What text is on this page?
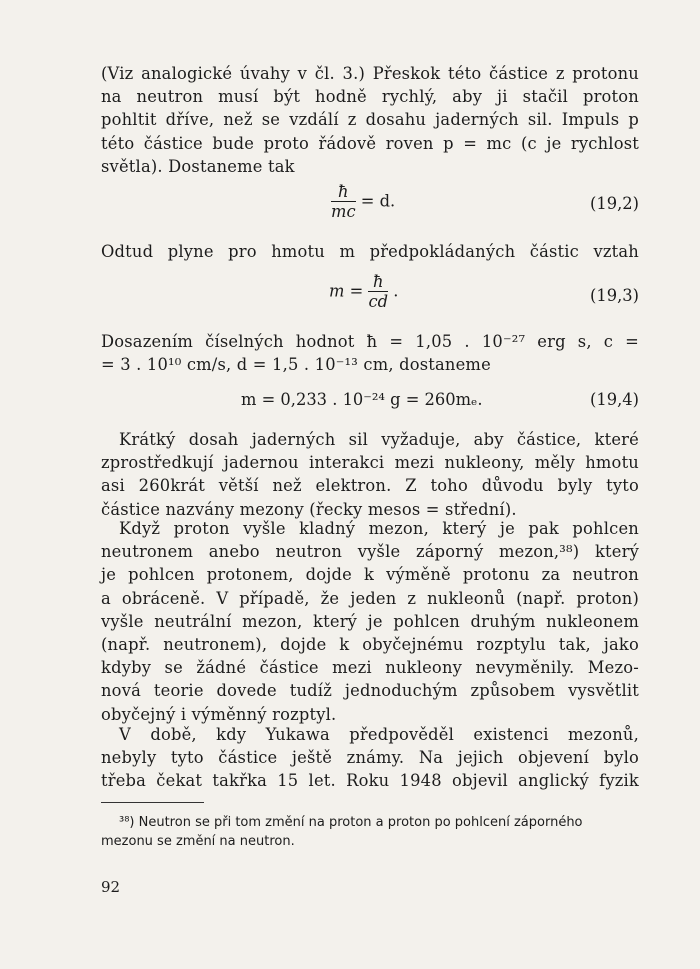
(Viz analogické úvahy v čl. 3.) Přeskok této částice z protonu
na neutron musí být hodně rychlý, aby ji stačil proton
pohltit dříve, než se vzdálí z dosahu jaderných sil. Impuls p
této částice bude proto řádově roven p = mc (c je rychlost
světla). Dostaneme tak
$\frac{ħ}{mc} = d$.	(19,2)
Odtud plyne pro hmotu m předpokládaných částic vztah
$m = \frac{ħ}{cd}$ .	(19,3)
Dosazením číselných hodnot ħ = 1,05 . 10⁻²⁷ erg s, c =
= 3 . 10¹⁰ cm/s, d = 1,5 . 10⁻¹³ cm, dostaneme
m = 0,233 . 10⁻²⁴ g = 260mₑ.	(19,4)
Krátký dosah jaderných sil vyžaduje, aby částice, které
zprostředkují jadernou interakci mezi nukleony, měly hmotu
asi 260krát větší než elektron. Z toho důvodu byly tyto
částice nazvány mezony (řecky mesos = střední).
Když proton vyšle kladný mezon, který je pak pohlcen
neutronem anebo neutron vyšle záporný mezon,³⁸) který
je pohlcen protonem, dojde k výměně protonu za neutron
a obráceně. V případě, že jeden z nukleonů (např. proton)
vyšle neutrální mezon, který je pohlcen druhým nukleonem
(např. neutronem), dojde k obyčejnému rozptylu tak, jako
kdyby se žádné částice mezi nukleony nevyměnily. Mezo-
nová teorie dovede tudíž jednoduchým způsobem vysvětlit
obyčejný i výměnný rozptyl.
V době, kdy Yukawa předpověděl existenci mezonů,
nebyly tyto částice ještě známy. Na jejich objevení bylo
třeba čekat takřka 15 let. Roku 1948 objevil anglický fyzik
³⁸) Neutron se při tom změní na proton a proton po pohlcení záporného
mezonu se změní na neutron.
92
